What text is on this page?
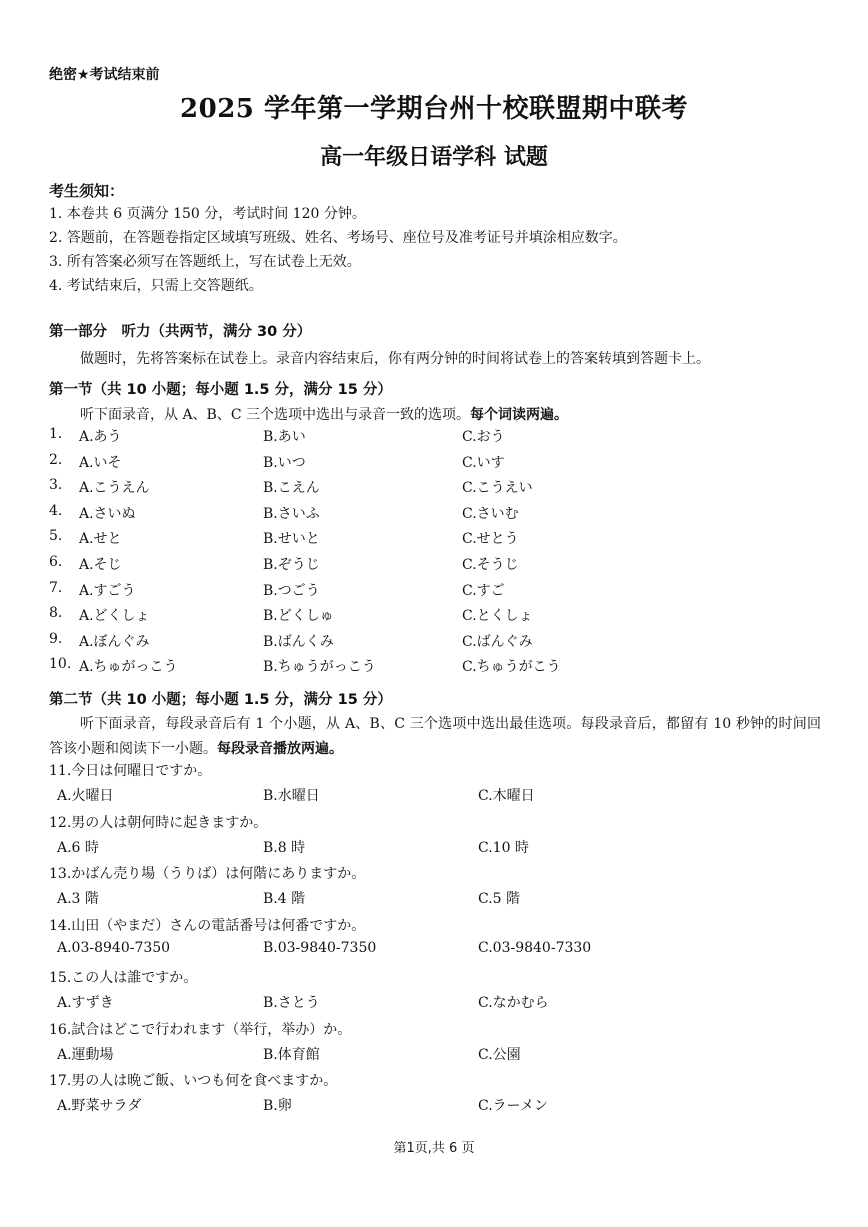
绝密★考试结束前
2025 学年第一学期台州十校联盟期中联考
高一年级日语学科 试题
考生须知：
1. 本卷共 6 页满分 150 分，考试时间 120 分钟。
2. 答题前，在答题卷指定区域填写班级、姓名、考场号、座位号及准考证号并填涂相应数字。
3. 所有答案必须写在答题纸上，写在试卷上无效。
4. 考试结束后，只需上交答题纸。
第一部分　听力（共两节，满分 30 分）
做题时，先将答案标在试卷上。录音内容结束后，你有两分钟的时间将试卷上的答案转填到答题卡上。
第一节（共 10 小题；每小题 1.5 分，满分 15 分）
听下面录音，从 A、B、C 三个选项中选出与录音一致的选项。每个词读两遍。
1. A.あう	B.あい	C.おう
2. A.いそ	B.いつ	C.いす
3. A.こうえん	B.こえん	C.こうえい
4. A.さいぬ	B.さいふ	C.さいむ
5. A.せと	B.せいと	C.せとう
6. A.そじ	B.ぞうじ	C.そうじ
7. A.すごう	B.つごう	C.すご
8. A.どくしょ	B.どくしゅ	C.とくしょ
9. A.ぼんぐみ	B.ばんくみ	C.ばんぐみ
10. A.ちゅがっこう	B.ちゅうがっこう	C.ちゅうがこう
第二节（共 10 小题；每小题 1.5 分，满分 15 分）
听下面录音，每段录音后有 1 个小题，从 A、B、C 三个选项中选出最佳选项。每段录音后，都留有 10 秒钟的时间回答该小题和阅读下一小题。每段录音播放两遍。
11.今日は何曜日ですか。
A.火曜日	B.水曜日	C.木曜日
12.男の人は朝何時に起きますか。
A.6 時	B.8 時	C.10 時
13.かばん売り場（うりば）は何階にありますか。
A.3 階	B.4 階	C.5 階
14.山田（やまだ）さんの電話番号は何番ですか。
A.03-8940-7350	B.03-9840-7350	C.03-9840-7330
15.この人は誰ですか。
A.すずき	B.さとう	C.なかむら
16.試合はどこで行われます（举行，举办）か。
A.運動場	B.体育館	C.公園
17.男の人は晩ご飯、いつも何を食べますか。
A.野菜サラダ	B.卵	C.ラーメン
第1页,共 6 页
